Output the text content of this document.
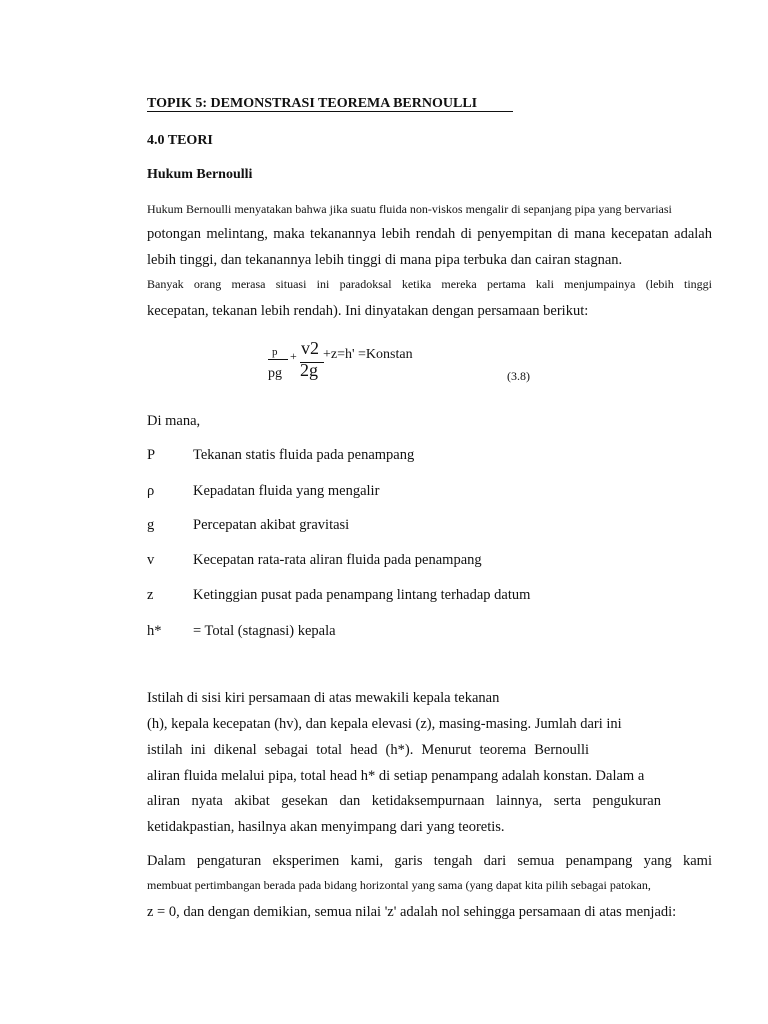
TOPIK 5: DEMONSTRASI TEOREMA BERNOULLI
4.0 TEORI
Hukum Bernoulli
Hukum Bernoulli menyatakan bahwa jika suatu fluida non-viskos mengalir di sepanjang pipa yang bervariasi
potongan melintang, maka tekanannya lebih rendah di penyempitan di mana kecepatan adalah
lebih tinggi, dan tekanannya lebih tinggi di mana pipa terbuka dan cairan stagnan.
Banyak orang merasa situasi ini paradoksal ketika mereka pertama kali menjumpainya (lebih tinggi
kecepatan, tekanan lebih rendah). Ini dinyatakan dengan persamaan berikut:
p + v2
2g
+z=h' =Konstan
pg	(3.8)
Di mana,
P	Tekanan statis fluida pada penampang
ρ	Kepadatan fluida yang mengalir
g	Percepatan akibat gravitasi
v	Kecepatan rata-rata aliran fluida pada penampang
z	Ketinggian pusat pada penampang lintang terhadap datum
h* = Total (stagnasi) kepala
Istilah di sisi kiri persamaan di atas mewakili kepala tekanan
(h), kepala kecepatan (hv), dan kepala elevasi (z), masing-masing. Jumlah dari ini
istilah ini dikenal sebagai total head (h*). Menurut teorema Bernoulli
aliran fluida melalui pipa, total head h* di setiap penampang adalah konstan. Dalam a
aliran nyata akibat gesekan dan ketidaksempurnaan lainnya, serta pengukuran
ketidakpastian, hasilnya akan menyimpang dari yang teoretis.
Dalam pengaturan eksperimen kami, garis tengah dari semua penampang yang kami
membuat pertimbangan berada pada bidang horizontal yang sama (yang dapat kita pilih sebagai patokan,
z = 0, dan dengan demikian, semua nilai 'z' adalah nol sehingga persamaan di atas menjadi:
